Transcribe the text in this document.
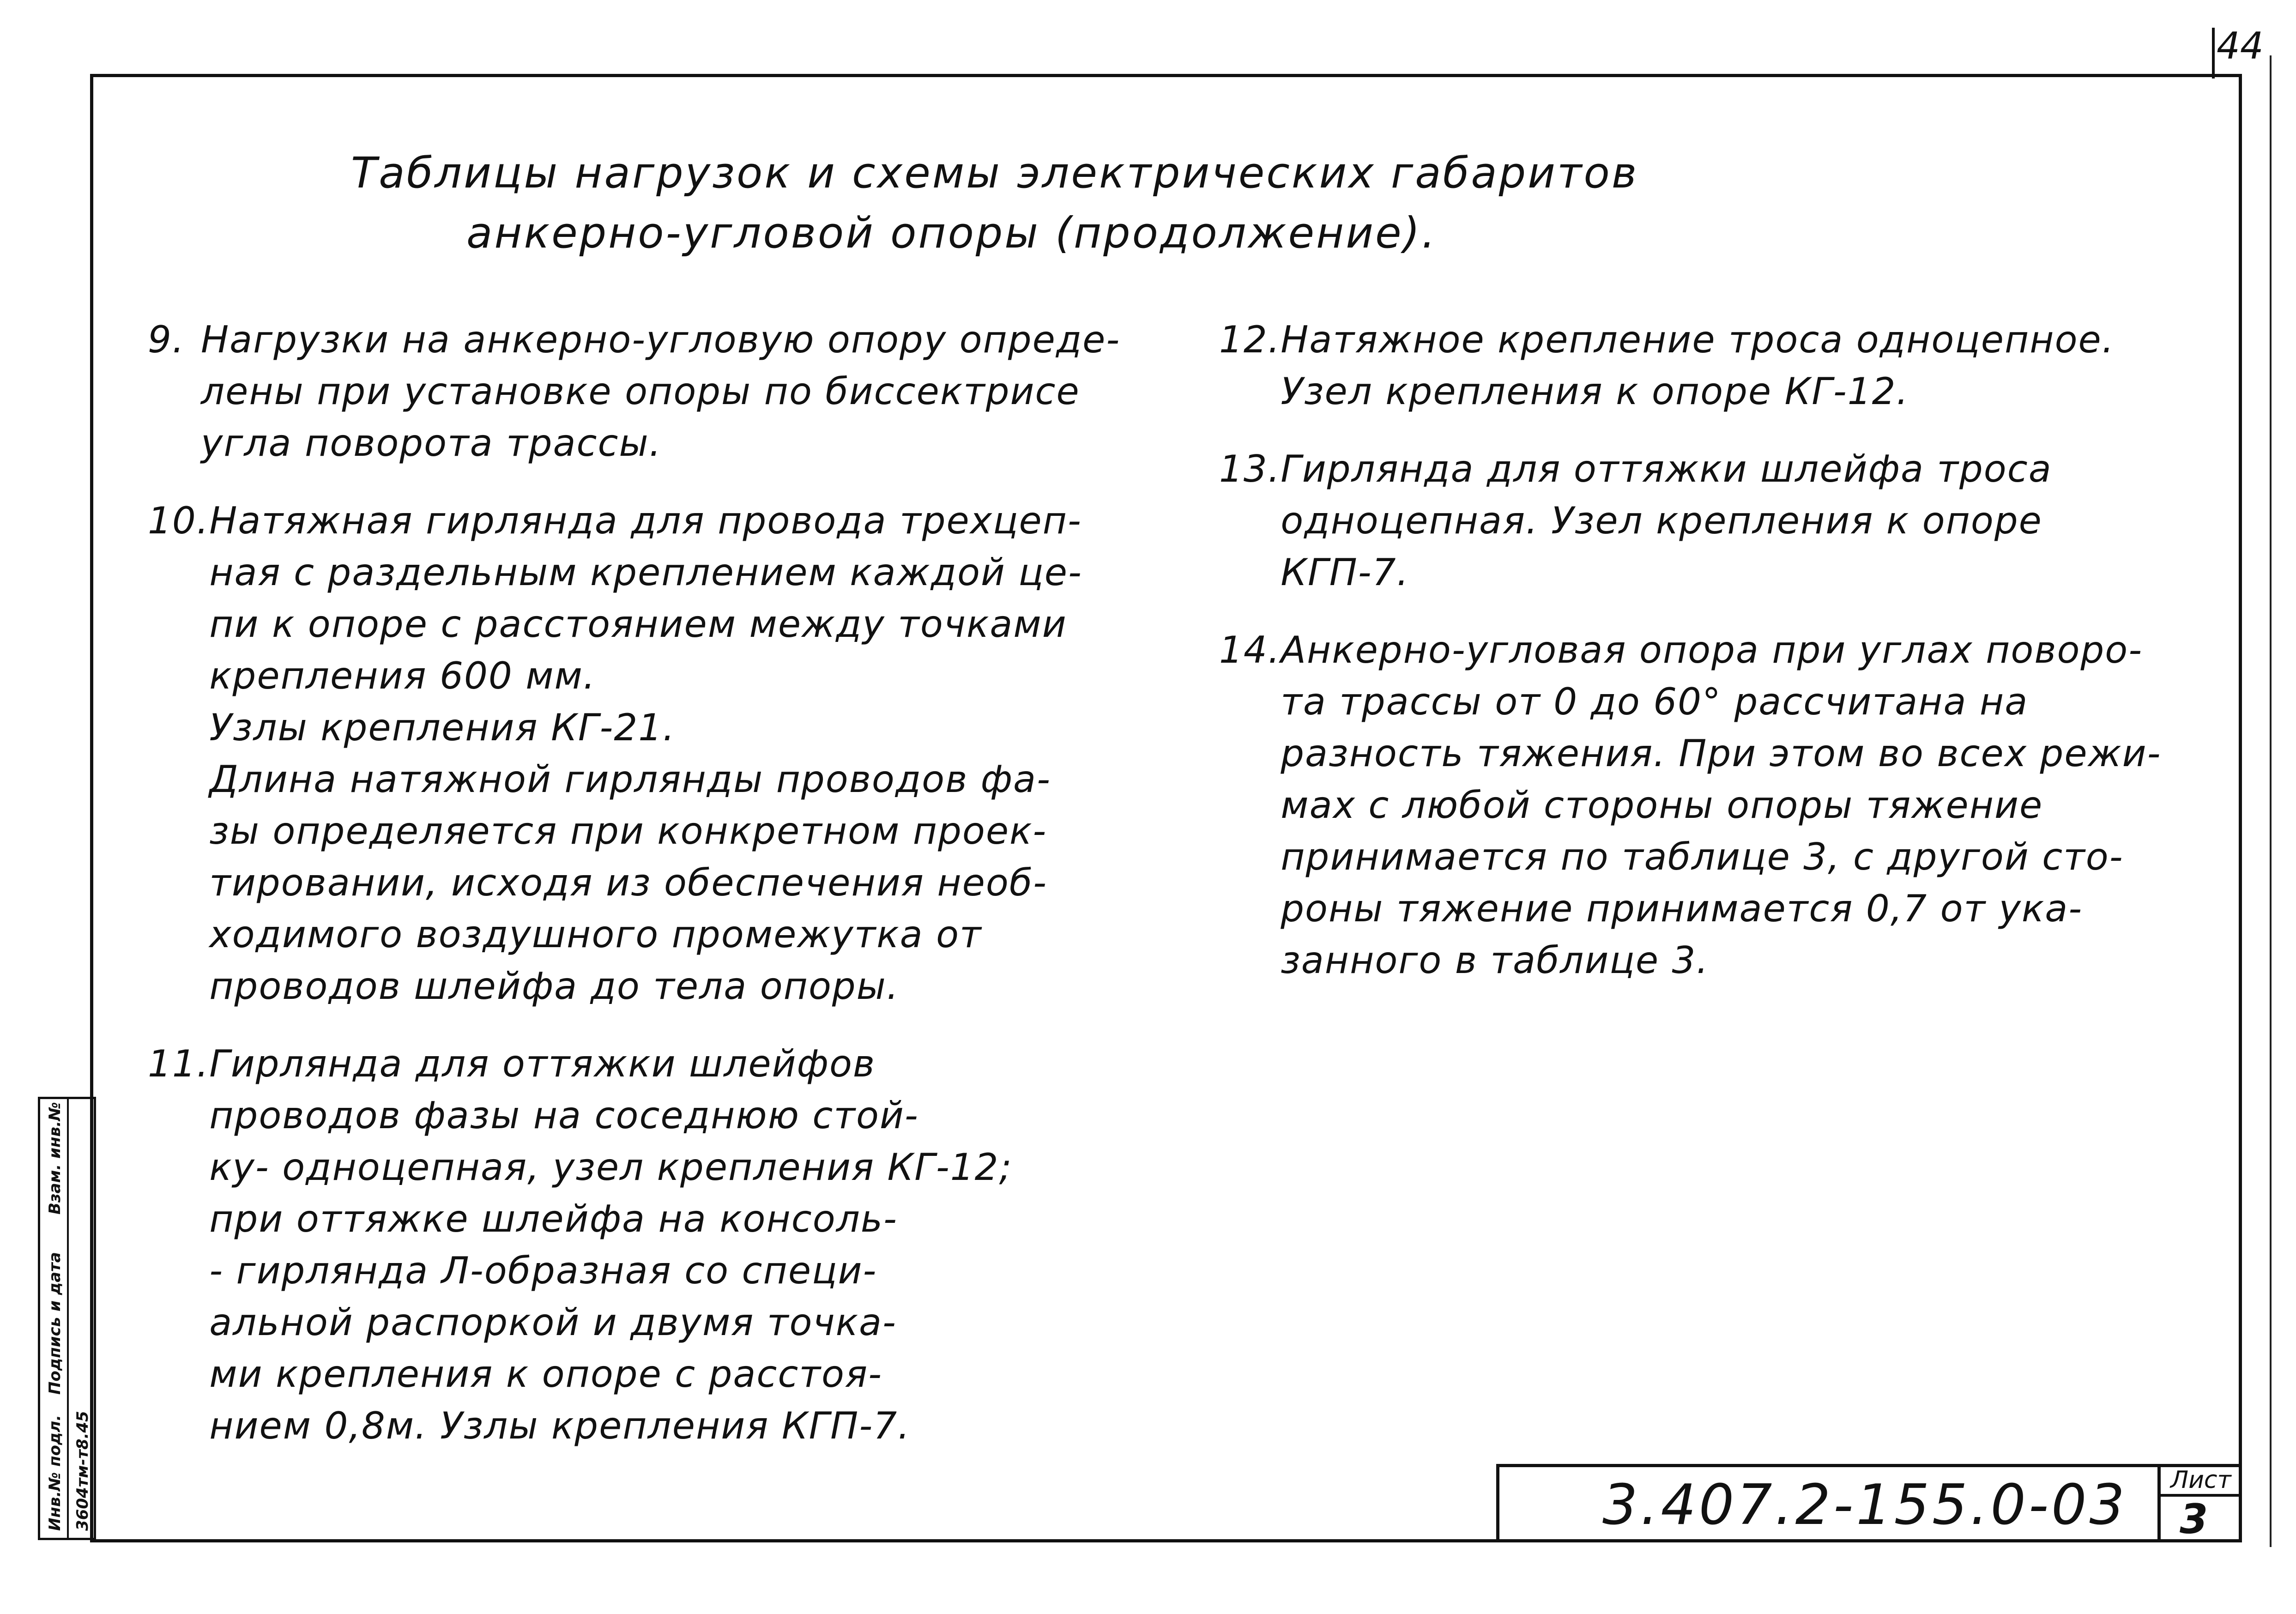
44
Таблицы нагрузок и схемы электрических габаритов
анкерно-угловой опоры (продолжение).
9. Нагрузки на анкерно-угловую опору опреде-
лены при установке опоры по биссектрисе
угла поворота трассы.
10. Натяжная гирлянда для провода трехцеп-
ная с раздельным креплением каждой це-
пи к опоре с расстоянием между точками
крепления 600 мм.
Узлы крепления КГ-21.
Длина натяжной гирлянды проводов фа-
зы определяется при конкретном проек-
тировании, исходя из обеспечения необ-
ходимого воздушного промежутка от
проводов шлейфа до тела опоры.
11. Гирлянда для оттяжки шлейфов
проводов фазы на соседнюю стой-
ку- одноцепная, узел крепления КГ-12;
при оттяжке шлейфа на консоль-
- гирлянда Л-образная со специ-
альной распоркой и двумя точка-
ми крепления к опоре с расстоя-
нием 0,8м. Узлы крепления КГП-7.
12. Натяжное крепление троса одноцепное.
Узел крепления к опоре КГ-12.
13. Гирлянда для оттяжки шлейфа троса
одноцепная. Узел крепления к опоре
КГП-7.
14. Анкерно-угловая опора при углах поворо-
та трассы от 0 до 60° рассчитана на
разность тяжения. При этом во всех режи-
мах с любой стороны опоры тяжение
принимается по таблице 3, с другой сто-
роны тяжение принимается 0,7 от ука-
занного в таблице 3.
Инв.№ подл.
Подпись и дата
Взам. инв.№
3604тм-т8.45	3.407.2-155.0-03 Лист
3
